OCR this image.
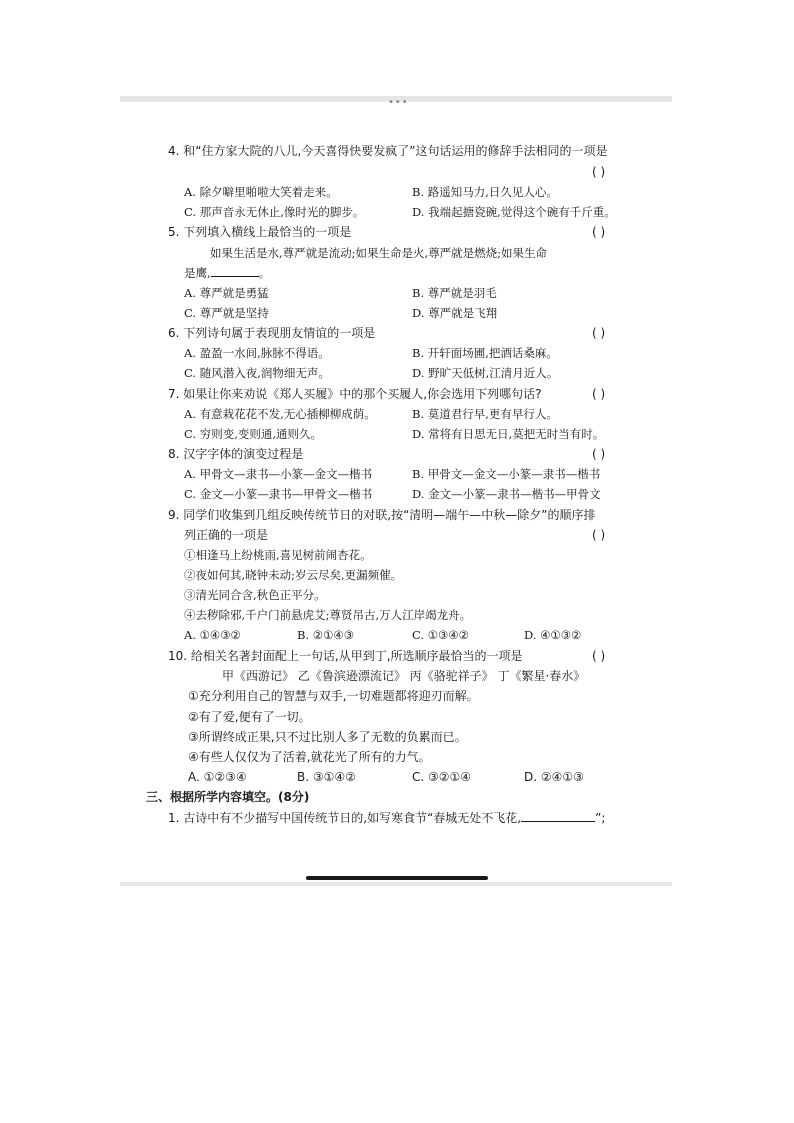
•••
4. 和“住方家大院的八儿,今天喜得快要发疯了”这句话运用的修辞手法相同的一项是
( )
A. 除夕噼里啪啦大笑着走来。	B. 路遥知马力,日久见人心。
C. 那声音永无休止,像时光的脚步。	D. 我端起搪瓷碗,觉得这个碗有千斤重。
5. 下列填入横线上最恰当的一项是	( )
如果生活是水,尊严就是流动;如果生命是火,尊严就是燃烧;如果生命
是鹰,	。
A. 尊严就是勇猛	B. 尊严就是羽毛
C. 尊严就是坚持	D. 尊严就是飞翔
6. 下列诗句属于表现朋友情谊的一项是	( )
A. 盈盈一水间,脉脉不得语。	B. 开轩面场圃,把酒话桑麻。
C. 随风潜入夜,润物细无声。	D. 野旷天低树,江清月近人。
7. 如果让你来劝说《郑人买履》中的那个买履人,你会选用下列哪句话?	( )
A. 有意栽花花不发,无心插柳柳成荫。	B. 莫道君行早,更有早行人。
C. 穷则变,变则通,通则久。	D. 常将有日思无日,莫把无时当有时。
8. 汉字字体的演变过程是	( )
A. 甲骨文—隶书—小篆—金文—楷书	B. 甲骨文—金文—小篆—隶书—楷书
C. 金文—小篆—隶书—甲骨文—楷书	D. 金文—小篆—隶书—楷书—甲骨文
9. 同学们收集到几组反映传统节日的对联,按“清明—端午—中秋—除夕”的顺序排
列正确的一项是	( )
①相逢马上纷桃雨,喜见树前闹杏花。
②夜如何其,晓钟未动;岁云尽矣,更漏频催。
③清光同合含,秋色正平分。
④去秽除邪,千户门前悬虎艾;尊贤吊古,万人江岸竭龙舟。
A. ①④③②	B. ②①④③	C. ①③④②	D. ④①③②
10. 给相关名著封面配上一句话,从甲到丁,所选顺序最恰当的一项是	( )
甲《西游记》 乙《鲁滨逊漂流记》 丙《骆驼祥子》 丁《繁星·春水》
①充分利用自己的智慧与双手,一切难题都将迎刃而解。
②有了爱,便有了一切。
③所谓终成正果,只不过比别人多了无数的负累而已。
④有些人仅仅为了活着,就花光了所有的力气。
A. ①②③④	B. ③①④②	C. ③②①④	D. ②④①③
三、根据所学内容填空。(8分)
1. 古诗中有不少描写中国传统节日的,如写寒食节“春城无处不飞花,	”;
